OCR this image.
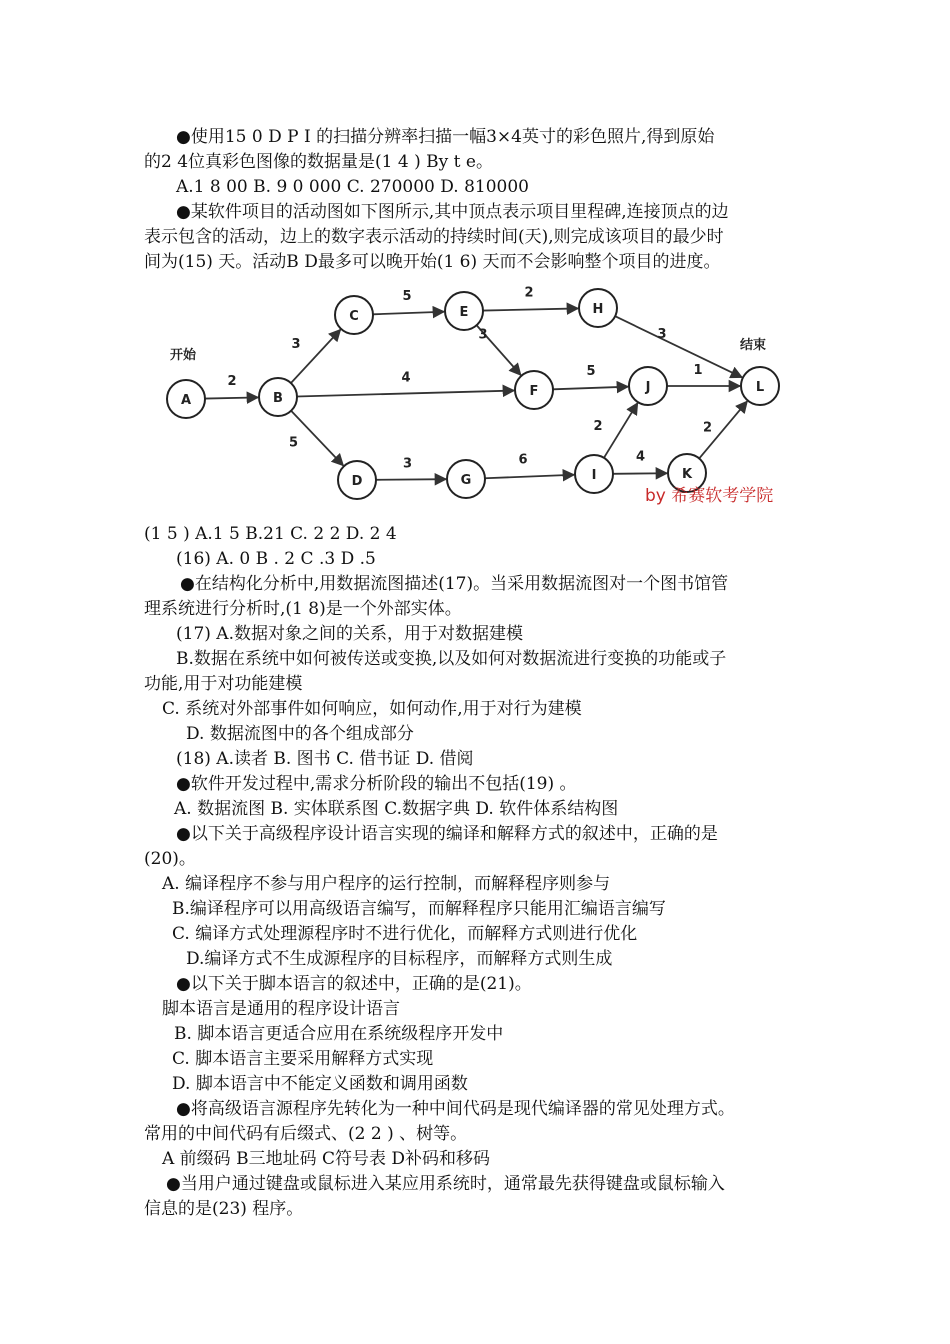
●使用15 0 D P I 的扫描分辨率扫描一幅3×4英寸的彩色照片,得到原始
的2 4位真彩色图像的数据量是(1 4 ) By t e。
A.1 8 00 B. 9 0 000 C. 270000 D. 810000
●某软件项目的活动图如下图所示,其中顶点表示项目里程碑,连接顶点的边
表示包含的活动，边上的数字表示活动的持续时间(天),则完成该项目的最少时
间为(15) 天。活动B D最多可以晚开始(1 6) 天而不会影响整个项目的进度。
2
3
4
5
5	2
3	3
5	1
3	6
2
4
2
A	B
C
D
E
F
G
H
I
J
K
L
开始
结束
by 希赛软考学院
(1 5 ) A.1 5 B.21 C. 2 2 D. 2 4
(16) A. 0 B . 2 C .3 D .5
●在结构化分析中,用数据流图描述(17)。当采用数据流图对一个图书馆管
理系统进行分析时,(1 8)是一个外部实体。
(17) A.数据对象之间的关系，用于对数据建模
B.数据在系统中如何被传送或变换,以及如何对数据流进行变换的功能或子
功能,用于对功能建模
C. 系统对外部事件如何响应，如何动作,用于对行为建模
D. 数据流图中的各个组成部分
(18) A.读者 B. 图书 C. 借书证 D. 借阅
●软件开发过程中,需求分析阶段的输出不包括(19) 。
A. 数据流图 B. 实体联系图 C.数据字典 D. 软件体系结构图
●以下关于高级程序设计语言实现的编译和解释方式的叙述中，正确的是
(20)。
A. 编译程序不参与用户程序的运行控制，而解释程序则参与
B.编译程序可以用高级语言编写，而解释程序只能用汇编语言编写
C. 编译方式处理源程序时不进行优化，而解释方式则进行优化
D.编译方式不生成源程序的目标程序，而解释方式则生成
●以下关于脚本语言的叙述中，正确的是(21)。
脚本语言是通用的程序设计语言
B. 脚本语言更适合应用在系统级程序开发中
C. 脚本语言主要采用解释方式实现
D. 脚本语言中不能定义函数和调用函数
●将高级语言源程序先转化为一种中间代码是现代编译器的常见处理方式。
常用的中间代码有后缀式、(2 2 ) 、树等。
A 前缀码 B三地址码 C符号表 D补码和移码
●当用户通过键盘或鼠标进入某应用系统时，通常最先获得键盘或鼠标输入
信息的是(23) 程序。
